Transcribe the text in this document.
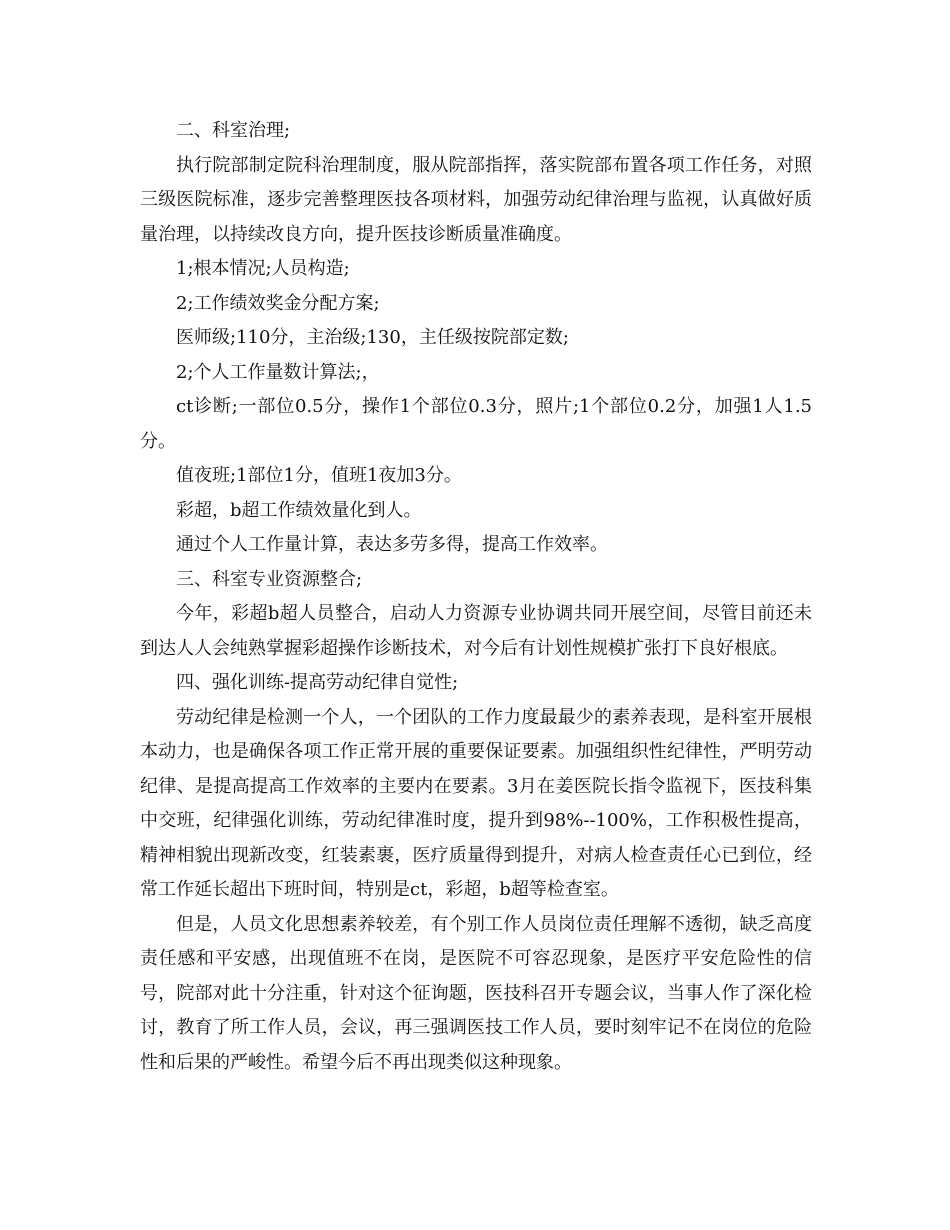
二、科室治理;

执行院部制定院科治理制度，服从院部指挥，落实院部布置各项工作任务，对照三级医院标准，逐步完善整理医技各项材料，加强劳动纪律治理与监视，认真做好质量治理，以持续改良方向，提升医技诊断质量准确度。

1;根本情况;人员构造;

2;工作绩效奖金分配方案;

医师级;110分，主治级;130，主任级按院部定数;

2;个人工作量数计算法;，

ct诊断;一部位0.5分，操作1个部位0.3分，照片;1个部位0.2分，加强1人1.5分。

值夜班;1部位1分，值班1夜加3分。

彩超，b超工作绩效量化到人。

通过个人工作量计算，表达多劳多得，提高工作效率。

三、科室专业资源整合;

今年，彩超b超人员整合，启动人力资源专业协调共同开展空间，尽管目前还未到达人人会纯熟掌握彩超操作诊断技术，对今后有计划性规模扩张打下良好根底。

四、强化训练-提高劳动纪律自觉性;

劳动纪律是检测一个人，一个团队的工作力度最最少的素养表现，是科室开展根本动力，也是确保各项工作正常开展的重要保证要素。加强组织性纪律性，严明劳动纪律、是提高提高工作效率的主要内在要素。3月在姜医院长指令监视下，医技科集中交班，纪律强化训练，劳动纪律准时度，提升到98%--100%，工作积极性提高，精神相貌出现新改变，红装素裹，医疗质量得到提升，对病人检查责任心已到位，经常工作延长超出下班时间，特别是ct，彩超，b超等检查室。

但是，人员文化思想素养较差，有个别工作人员岗位责任理解不透彻，缺乏高度责任感和平安感，出现值班不在岗，是医院不可容忍现象，是医疗平安危险性的信号，院部对此十分注重，针对这个征询题，医技科召开专题会议，当事人作了深化检讨，教育了所工作人员，会议，再三强调医技工作人员，要时刻牢记不在岗位的危险性和后果的严峻性。希望今后不再出现类似这种现象。
